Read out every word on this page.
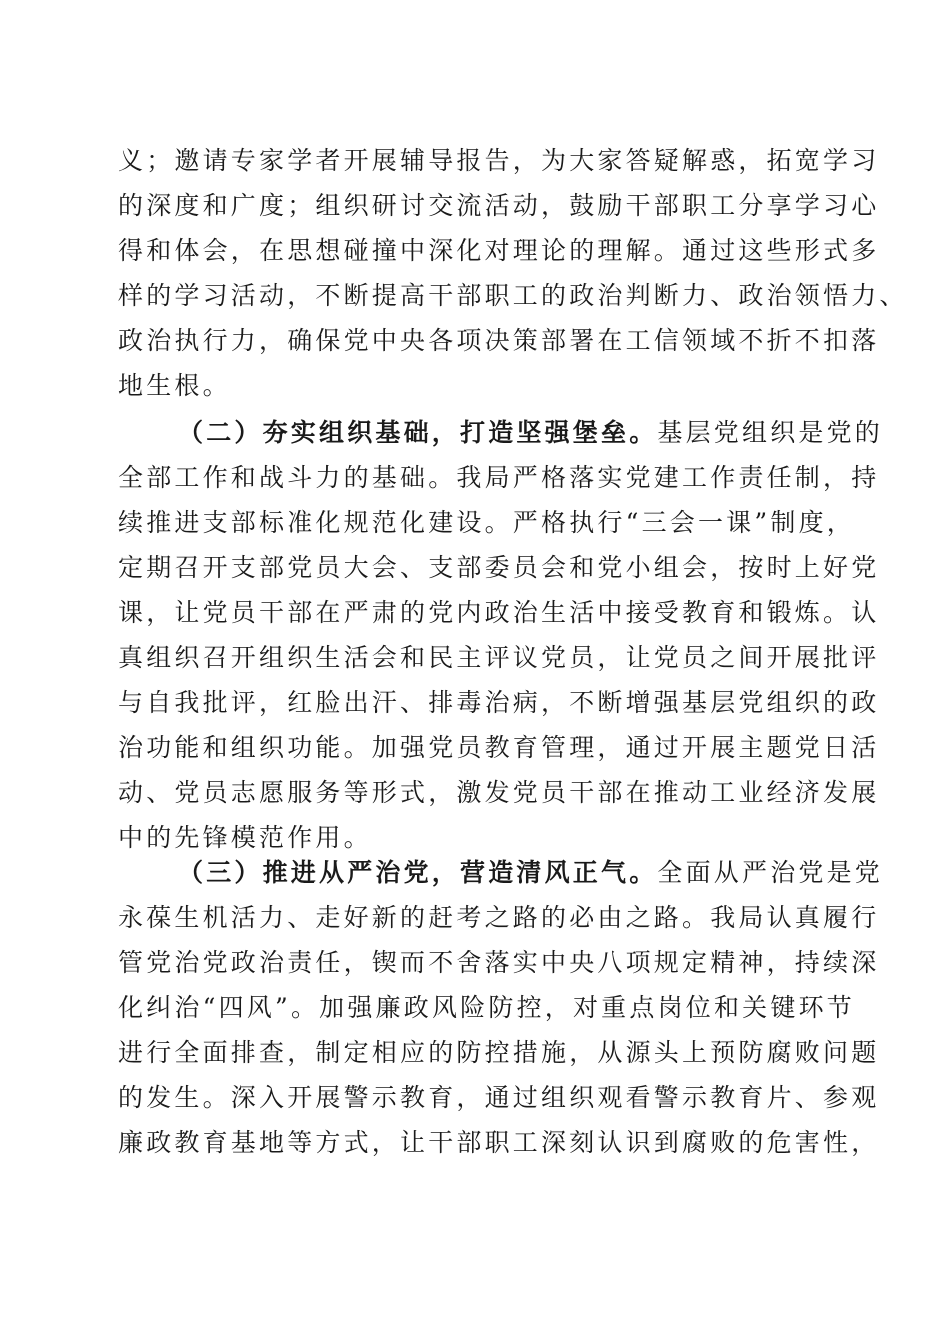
义；邀请专家学者开展辅导报告，为大家答疑解惑，拓宽学习
的深度和广度；组织研讨交流活动，鼓励干部职工分享学习心
得和体会，在思想碰撞中深化对理论的理解。通过这些形式多
样的学习活动，不断提高干部职工的政治判断力、政治领悟力、
政治执行力，确保党中央各项决策部署在工信领域不折不扣落
地生根。
（二）夯实组织基础，打造坚强堡垒。基层党组织是党的
全部工作和战斗力的基础。我局严格落实党建工作责任制，持
续推进支部标准化规范化建设。严格执行“三会一课”制度，
定期召开支部党员大会、支部委员会和党小组会，按时上好党
课，让党员干部在严肃的党内政治生活中接受教育和锻炼。认
真组织召开组织生活会和民主评议党员，让党员之间开展批评
与自我批评，红脸出汗、排毒治病，不断增强基层党组织的政
治功能和组织功能。加强党员教育管理，通过开展主题党日活
动、党员志愿服务等形式，激发党员干部在推动工业经济发展
中的先锋模范作用。
（三）推进从严治党，营造清风正气。全面从严治党是党
永葆生机活力、走好新的赶考之路的必由之路。我局认真履行
管党治党政治责任，锲而不舍落实中央八项规定精神，持续深
化纠治“四风”。加强廉政风险防控，对重点岗位和关键环节
进行全面排查，制定相应的防控措施，从源头上预防腐败问题
的发生。深入开展警示教育，通过组织观看警示教育片、参观
廉政教育基地等方式，让干部职工深刻认识到腐败的危害性，
